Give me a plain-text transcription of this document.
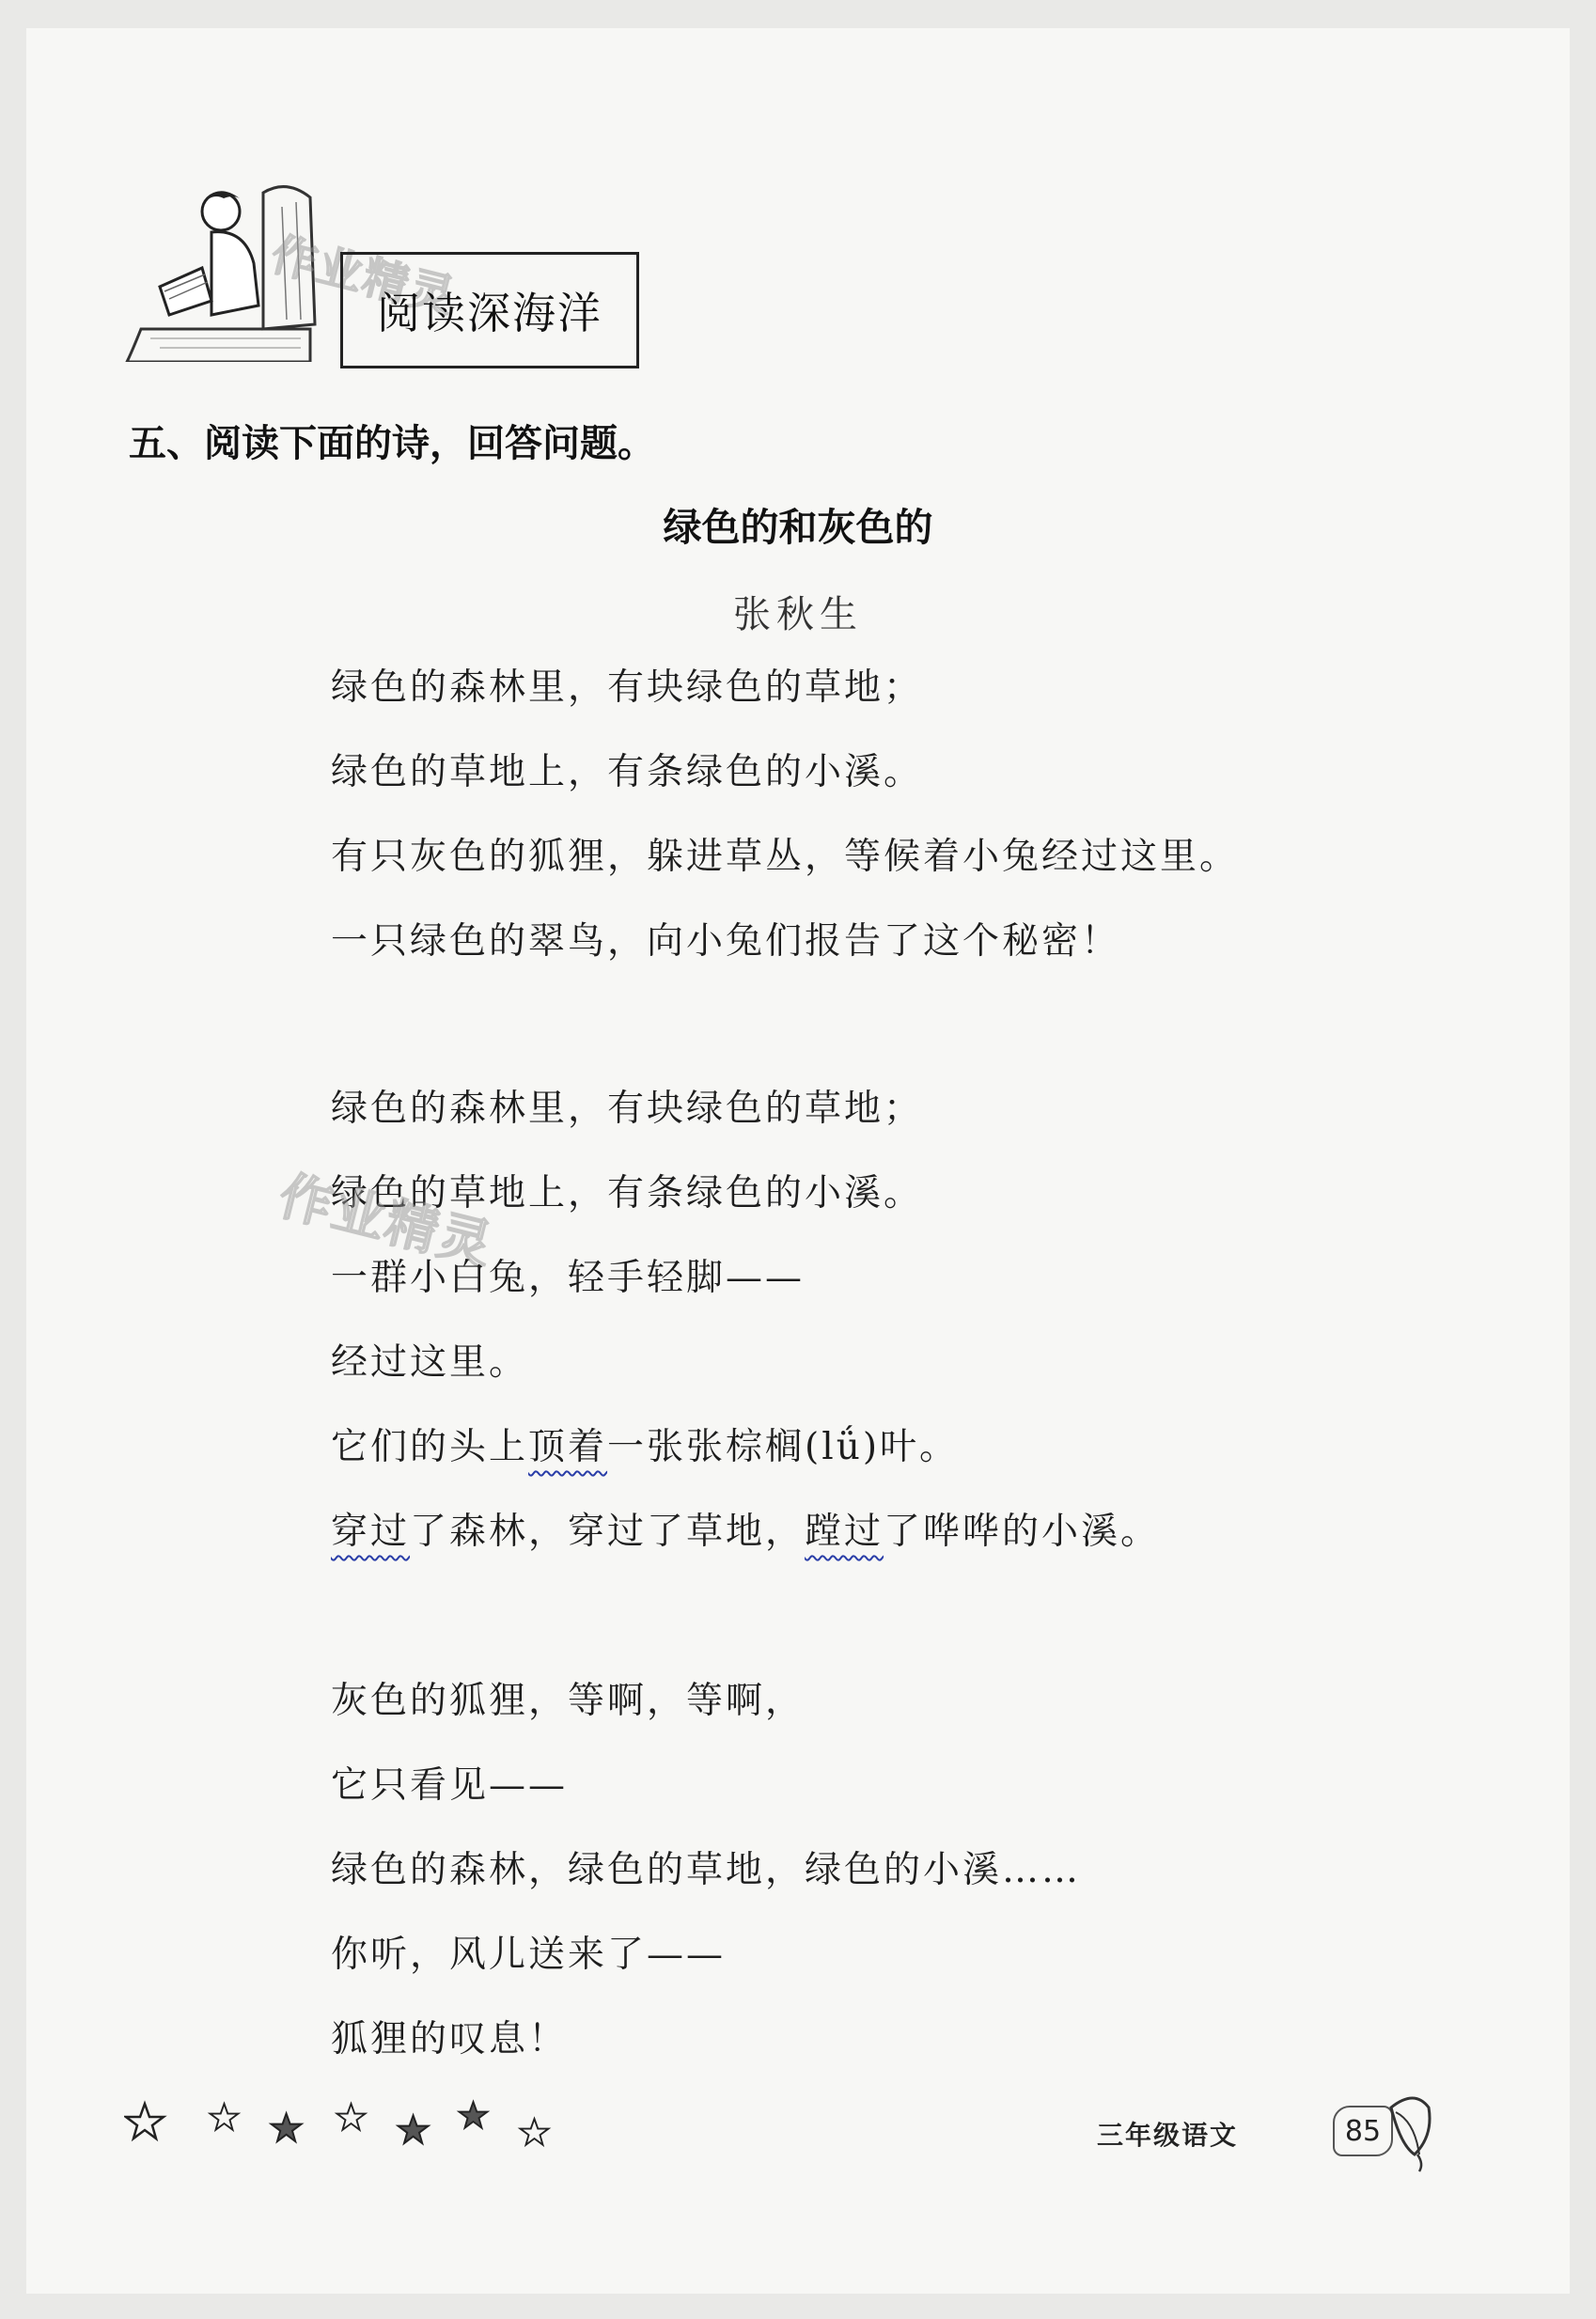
作业精灵
阅读深海洋
五、阅读下面的诗，回答问题。
绿色的和灰色的
张秋生
绿色的森林里，有块绿色的草地；
绿色的草地上，有条绿色的小溪。
有只灰色的狐狸，躲进草丛，等候着小兔经过这里。
一只绿色的翠鸟，向小兔们报告了这个秘密！
绿色的森林里，有块绿色的草地；
绿色的草地上，有条绿色的小溪。
作业精灵
一群小白兔，轻手轻脚——
经过这里。
它们的头上顶着一张张棕榈(lǘ)叶。
穿过了森林，穿过了草地，蹚过了哗哗的小溪。
灰色的狐狸，等啊，等啊，
它只看见——
绿色的森林，绿色的草地，绿色的小溪……
你听，风儿送来了——
狐狸的叹息！
三年级语文	85
